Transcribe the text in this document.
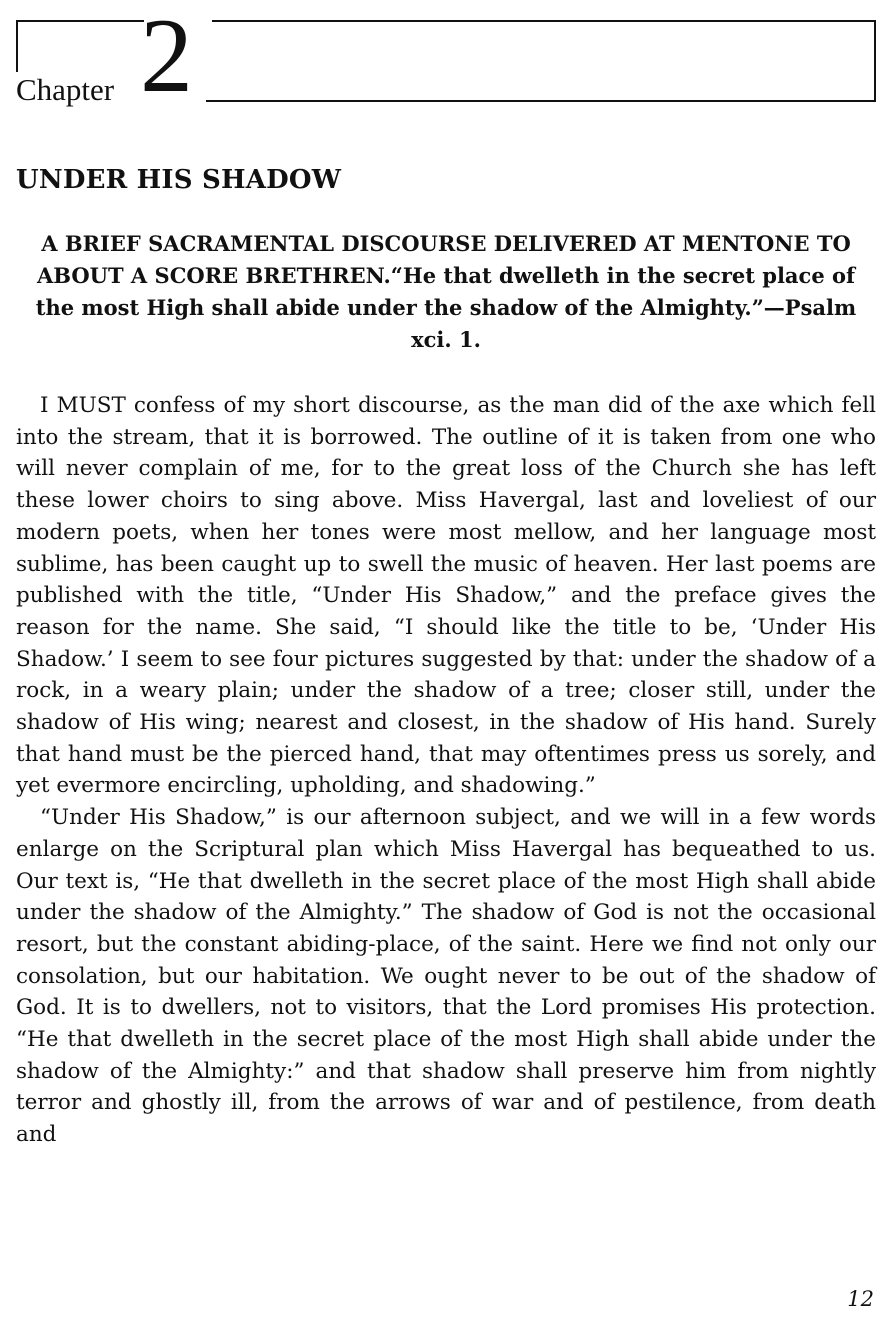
Chapter 2
UNDER HIS SHADOW
A BRIEF SACRAMENTAL DISCOURSE DELIVERED AT MENTONE TO ABOUT A SCORE BRETHREN.“He that dwelleth in the secret place of the most High shall abide under the shadow of the Almighty.”—Psalm xci. 1.

I MUST confess of my short discourse, as the man did of the axe which fell into the stream, that it is borrowed. The outline of it is taken from one who will never complain of me, for to the great loss of the Church she has left these lower choirs to sing above. Miss Havergal, last and loveliest of our modern poets, when her tones were most mellow, and her language most sublime, has been caught up to swell the music of heaven. Her last poems are published with the title, “Under His Shadow,” and the preface gives the reason for the name. She said, “I should like the title to be, ‘Under His Shadow.’ I seem to see four pictures suggested by that: under the shadow of a rock, in a weary plain; under the shadow of a tree; closer still, under the shadow of His wing; nearest and closest, in the shadow of His hand. Surely that hand must be the pierced hand, that may oftentimes press us sorely, and yet evermore encircling, upholding, and shadowing.”

“Under His Shadow,” is our afternoon subject, and we will in a few words enlarge on the Scriptural plan which Miss Havergal has bequeathed to us. Our text is, “He that dwelleth in the secret place of the most High shall abide under the shadow of the Almighty.” The shadow of God is not the occasional resort, but the constant abiding-place, of the saint. Here we find not only our consolation, but our habitation. We ought never to be out of the shadow of God. It is to dwellers, not to visitors, that the Lord promises His protection. “He that dwelleth in the secret place of the most High shall abide under the shadow of the Almighty:” and that shadow shall preserve him from nightly terror and ghostly ill, from the arrows of war and of pestilence, from death and

12
